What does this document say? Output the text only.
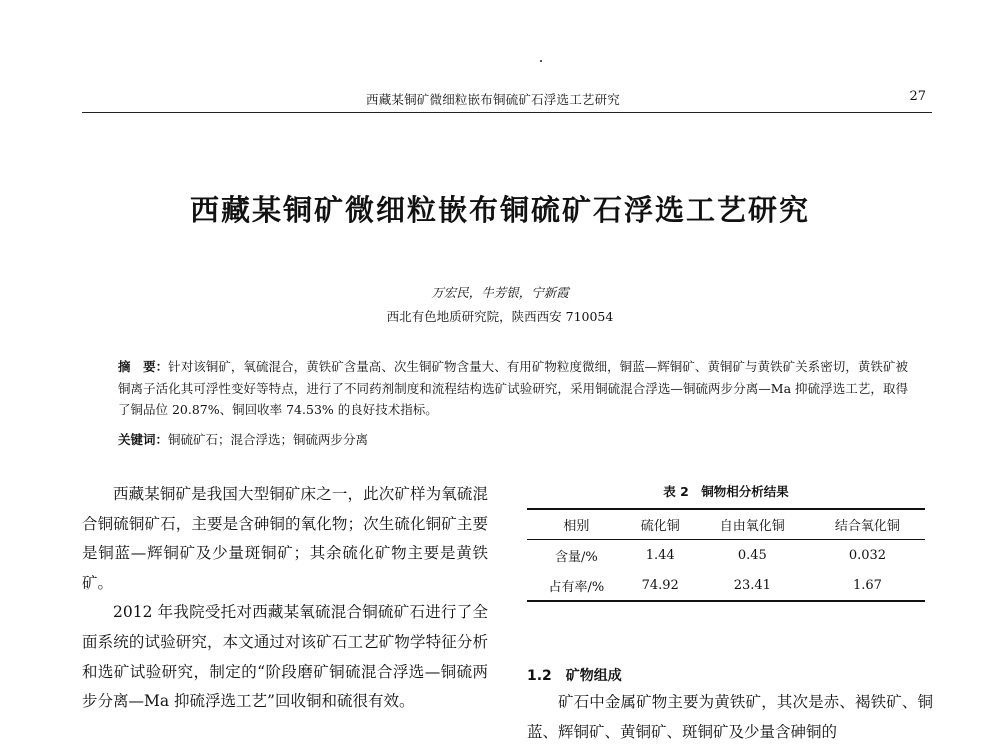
西藏某铜矿微细粒嵌布铜硫矿石浮选工艺研究	27
西藏某铜矿微细粒嵌布铜硫矿石浮选工艺研究
万宏民，牛芳银，宁新霞
西北有色地质研究院，陕西西安 710054
摘　要：针对该铜矿，氧硫混合，黄铁矿含量高、次生铜矿物含量大、有用矿物粒度微细，铜蓝—辉铜矿、黄铜矿与黄铁矿关系密切，黄铁矿被铜离子活化其可浮性变好等特点，进行了不同药剂制度和流程结构选矿试验研究，采用铜硫混合浮选—铜硫两步分离—Ma 抑硫浮选工艺，取得了铜品位 20.87%、铜回收率 74.53% 的良好技术指标。
关键词：铜硫矿石；混合浮选；铜硫两步分离

西藏某铜矿是我国大型铜矿床之一，此次矿样为氧硫混合铜硫铜矿石，主要是含砷铜的氧化物；次生硫化铜矿主要是铜蓝—辉铜矿及少量斑铜矿；其余硫化矿物主要是黄铁矿。

2012 年我院受托对西藏某氧硫混合铜硫矿石进行了全面系统的试验研究，本文通过对该矿石工艺矿物学特征分析和选矿试验研究，制定的“阶段磨矿铜硫混合浮选—铜硫两步分离—Ma 抑硫浮选工艺”回收铜和硫很有效。

表 2　铜物相分析结果
相别	硫化铜	自由氧化铜	结合氧化铜
含量/%	1.44	0.45	0.032
占有率/%	74.92	23.41	1.67
1.2　矿物组成

矿石中金属矿物主要为黄铁矿，其次是赤、褐铁矿、铜蓝、辉铜矿、黄铜矿、斑铜矿及少量含砷铜的
